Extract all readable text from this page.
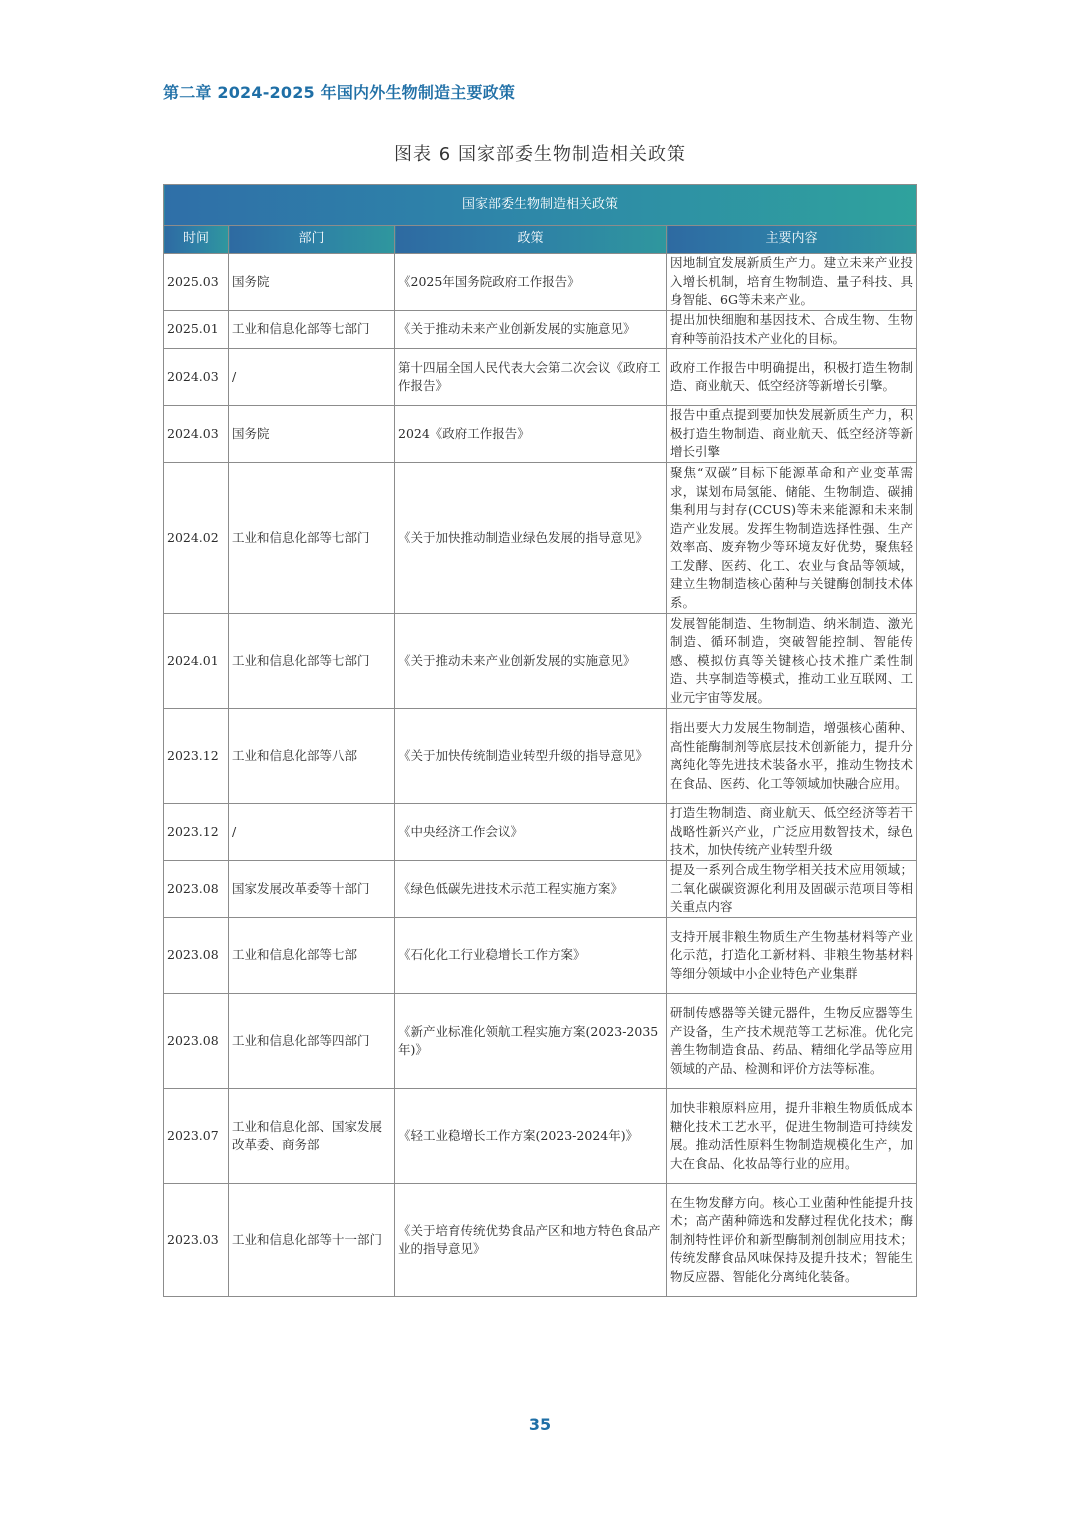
第二章 2024-2025 年国内外生物制造主要政策
图表 6 国家部委生物制造相关政策
国家部委生物制造相关政策			
时间	部门	政策	主要内容
2025.03	国务院	《2025年国务院政府工作报告》	因地制宜发展新质生产力。建立未来产业投入增长机制，培育生物制造、量子科技、具身智能、6G等未来产业。
2025.01	工业和信息化部等七部门	《关于推动未来产业创新发展的实施意见》	提出加快细胞和基因技术、合成生物、生物育种等前沿技术产业化的目标。
2024.03	/	第十四届全国人民代表大会第二次会议《政府工作报告》	政府工作报告中明确提出，积极打造生物制造、商业航天、低空经济等新增长引擎。
2024.03	国务院	2024《政府工作报告》	报告中重点提到要加快发展新质生产力，积极打造生物制造、商业航天、低空经济等新增长引擎
2024.02	工业和信息化部等七部门	《关于加快推动制造业绿色发展的指导意见》	聚焦“双碳”目标下能源革命和产业变革需求，谋划布局氢能、储能、生物制造、碳捕集利用与封存(CCUS)等未来能源和未来制造产业发展。发挥生物制造选择性强、生产效率高、废弃物少等环境友好优势，聚焦轻工发酵、医药、化工、农业与食品等领域，建立生物制造核心菌种与关键酶创制技术体系。
2024.01	工业和信息化部等七部门	《关于推动未来产业创新发展的实施意见》	发展智能制造、生物制造、纳米制造、激光制造、循环制造，突破智能控制、智能传感、模拟仿真等关键核心技术推广柔性制造、共享制造等模式，推动工业互联网、工业元宇宙等发展。
2023.12	工业和信息化部等八部	《关于加快传统制造业转型升级的指导意见》	指出要大力发展生物制造，增强核心菌种、高性能酶制剂等底层技术创新能力，提升分离纯化等先进技术装备水平，推动生物技术在食品、医药、化工等领域加快融合应用。
2023.12	/	《中央经济工作会议》	打造生物制造、商业航天、低空经济等若干战略性新兴产业，广泛应用数智技术，绿色技术，加快传统产业转型升级
2023.08	国家发展改革委等十部门	《绿色低碳先进技术示范工程实施方案》	提及一系列合成生物学相关技术应用领域；二氧化碳碳资源化利用及固碳示范项目等相关重点内容
2023.08	工业和信息化部等七部	《石化化工行业稳增长工作方案》	支持开展非粮生物质生产生物基材料等产业化示范，打造化工新材料、非粮生物基材料等细分领域中小企业特色产业集群
2023.08	工业和信息化部等四部门	《新产业标准化领航工程实施方案(2023-2035年)》	研制传感器等关键元器件，生物反应器等生产设备，生产技术规范等工艺标准。优化完善生物制造食品、药品、精细化学品等应用领域的产品、检测和评价方法等标准。
2023.07	工业和信息化部、国家发展改革委、商务部	《轻工业稳增长工作方案(2023-2024年)》	加快非粮原料应用，提升非粮生物质低成本糖化技术工艺水平，促进生物制造可持续发展。推动活性原料生物制造规模化生产，加大在食品、化妆品等行业的应用。
2023.03	工业和信息化部等十一部门	《关于培育传统优势食品产区和地方特色食品产业的指导意见》	在生物发酵方向。核心工业菌种性能提升技术；高产菌种筛选和发酵过程优化技术；酶制剂特性评价和新型酶制剂创制应用技术；传统发酵食品风味保持及提升技术；智能生物反应器、智能化分离纯化装备。
35
